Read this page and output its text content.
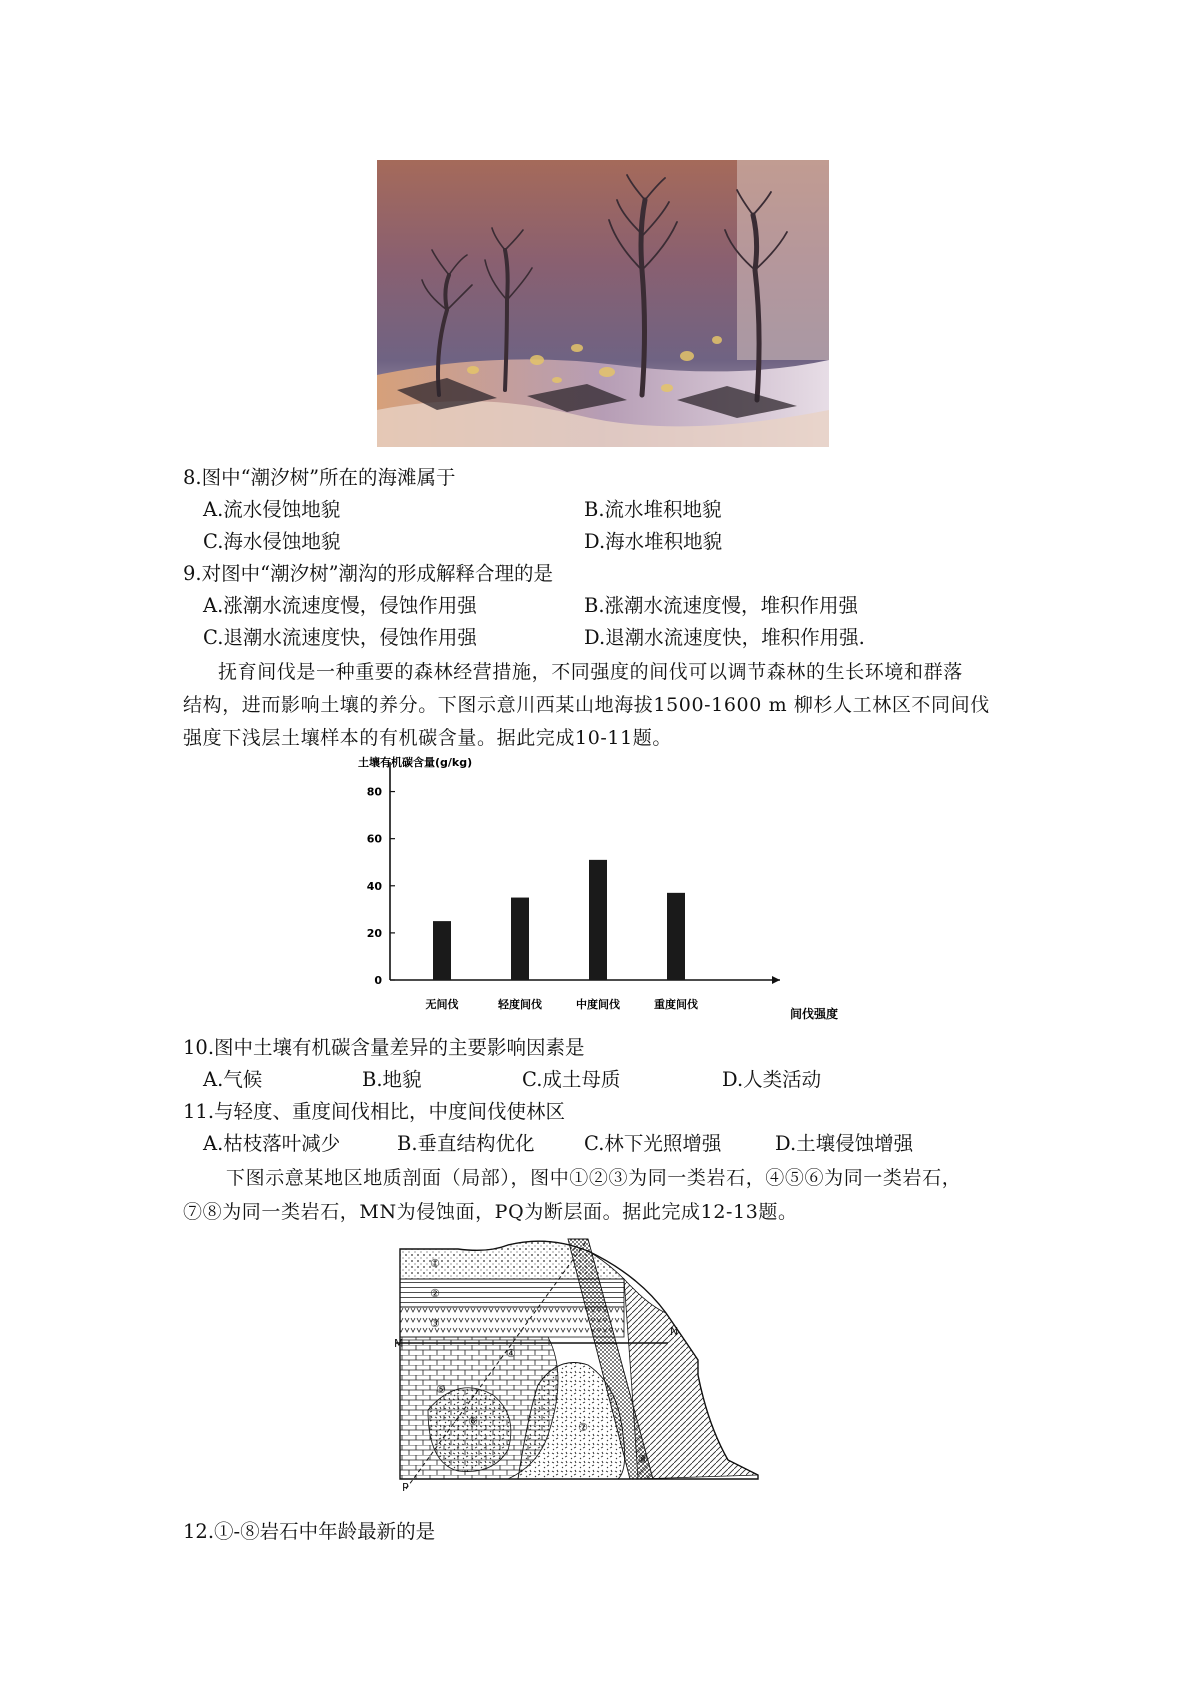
8.图中“潮汐树”所在的海滩属于
A.流水侵蚀地貌	B.流水堆积地貌
C.海水侵蚀地貌	D.海水堆积地貌
9.对图中“潮汐树”潮沟的形成解释合理的是
A.涨潮水流速度慢，侵蚀作用强	B.涨潮水流速度慢，堆积作用强
C.退潮水流速度快，侵蚀作用强	D.退潮水流速度快，堆积作用强.
抚育间伐是一种重要的森林经营措施，不同强度的间伐可以调节森林的生长环境和群落
结构，进而影响土壤的养分。下图示意川西某山地海拔1500-1600 m 柳杉人工林区不同间伐
强度下浅层土壤样本的有机碳含量。据此完成10-11题。
土壤有机碳含量(g/kg)
0
20
40
60
80
无间伐	轻度间伐	中度间伐	重度间伐
间伐强度
10.图中土壤有机碳含量差异的主要影响因素是
A.气候	B.地貌	C.成土母质	D.人类活动
11.与轻度、重度间伐相比，中度间伐使林区
A.枯枝落叶减少	B.垂直结构优化	C.林下光照增强	D.土壤侵蚀增强
下图示意某地区地质剖面（局部），图中①②③为同一类岩石，④⑤⑥为同一类岩石，
⑦⑧为同一类岩石，MN为侵蚀面，PQ为断层面。据此完成12-13题。
①
②
③
④
⑤
⑥	⑦
⑧
M
N
P
12.①-⑧岩石中年龄最新的是
